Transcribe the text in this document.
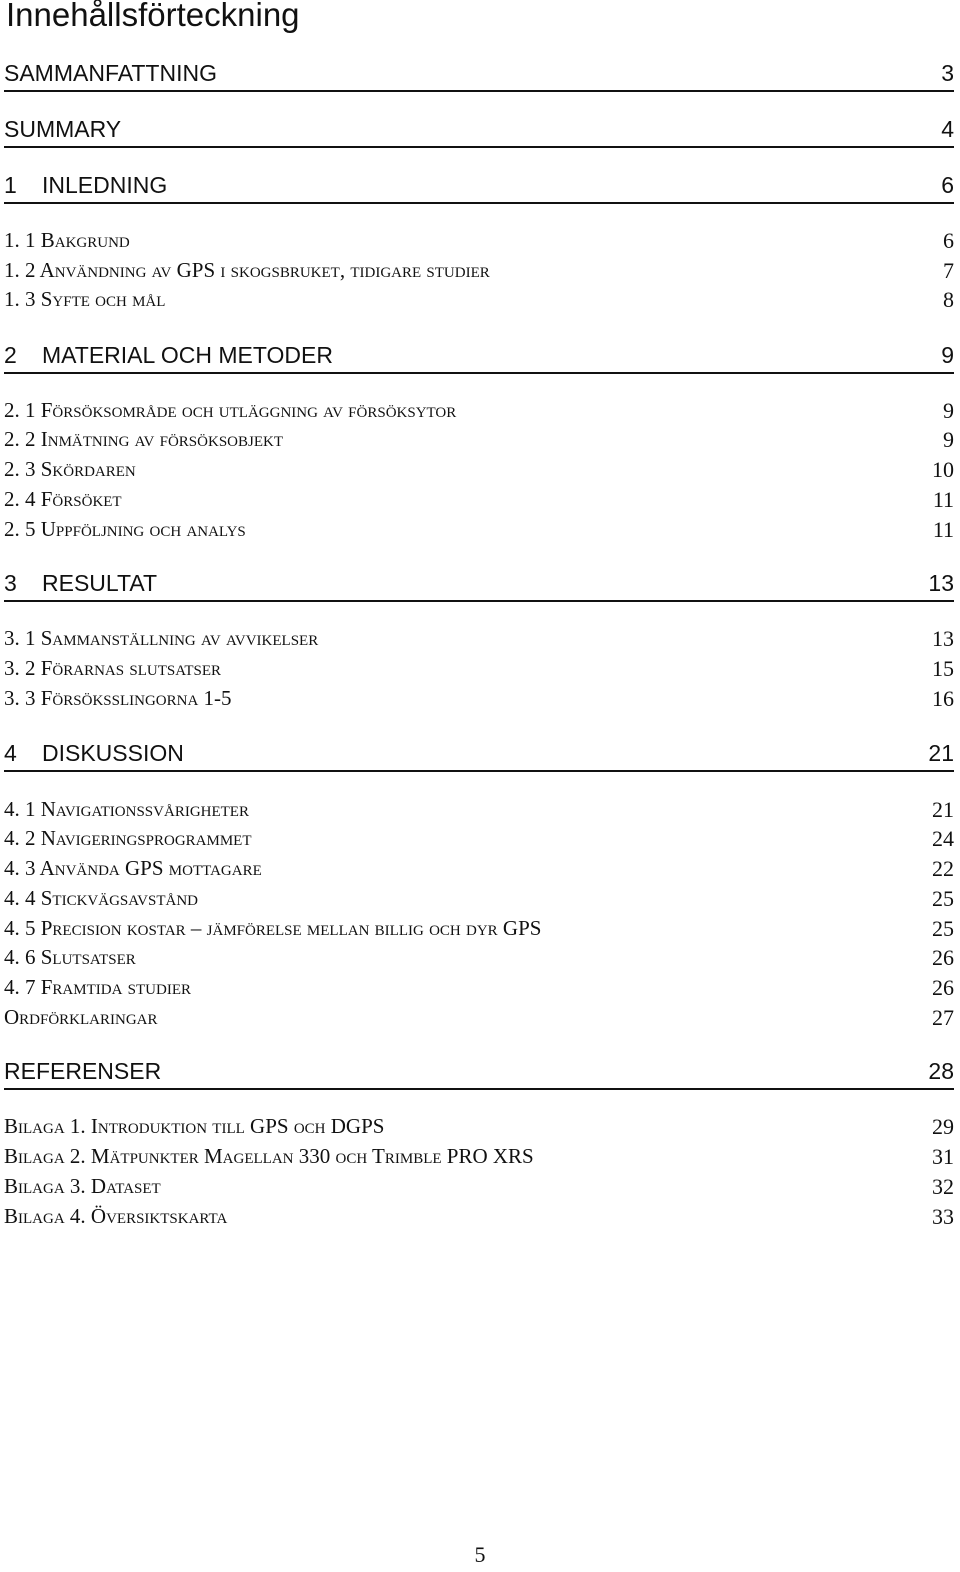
Innehållsförteckning
SAMMANFATTNING	3
SUMMARY	4
1 INLEDNING	6
1. 1 Bakgrund	6
1. 2 Användning av GPS i skogsbruket, tidigare studier	7
1. 3 Syfte och mål	8
2 MATERIAL OCH METODER	9
2. 1 Försöksområde och utläggning av försöksytor	9
2. 2 Inmätning av försöksobjekt	9
2. 3 Skördaren	10
2. 4 Försöket	11
2. 5 Uppföljning och analys	11
3 RESULTAT	13
3. 1 Sammanställning av avvikelser	13
3. 2 Förarnas slutsatser	15
3. 3 Försöksslingorna 1-5	16
4 DISKUSSION	21
4. 1 Navigationssvårigheter	21
4. 2 Navigeringsprogrammet	24
4. 3 Använda GPS mottagare	22
4. 4 Stickvägsavstånd	25
4. 5 Precision kostar – jämförelse mellan billig och dyr GPS	25
4. 6 Slutsatser	26
4. 7 Framtida studier	26
Ordförklaringar	27
REFERENSER	28
Bilaga 1. Introduktion till GPS och DGPS	29
Bilaga 2. Mätpunkter Magellan 330 och Trimble PRO XRS	31
Bilaga 3. Dataset	32
Bilaga 4. Översiktskarta	33
5
